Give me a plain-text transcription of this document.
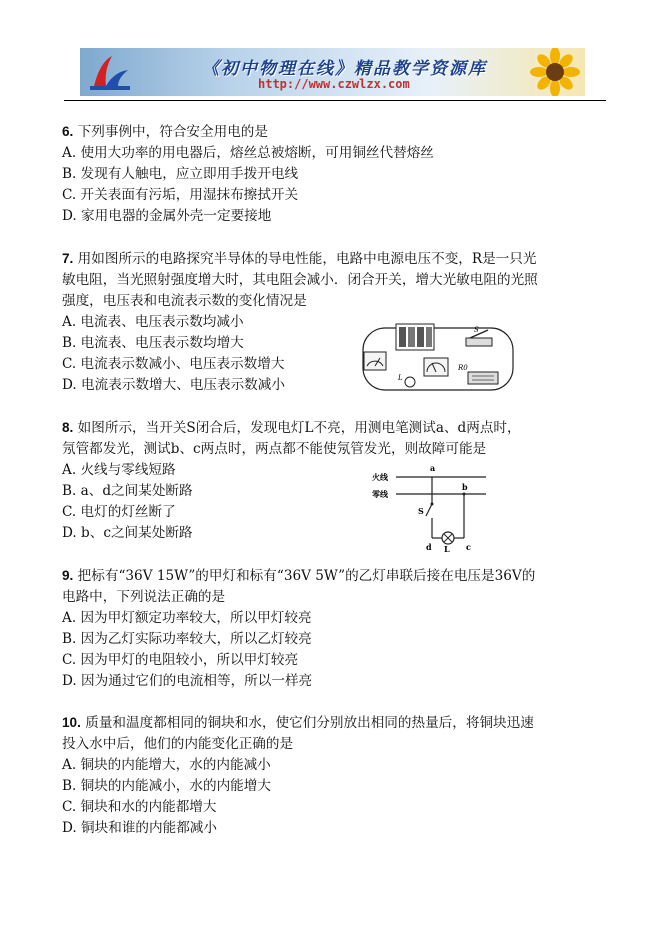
《初中物理在线》精品教学资源库
http://www.czwlzx.com

6. 下列事例中，符合安全用电的是

A. 使用大功率的用电器后，熔丝总被熔断，可用铜丝代替熔丝

B. 发现有人触电，应立即用手拨开电线

C. 开关表面有污垢，用湿抹布擦拭开关

D. 家用电器的金属外壳一定要接地

7. 用如图所示的电路探究半导体的导电性能，电路中电源电压不变，R是一只光

敏电阻，当光照射强度增大时，其电阻会减小．闭合开关，增大光敏电阻的光照

强度，电压表和电流表示数的变化情况是

A. 电流表、电压表示数均减小

B. 电流表、电压表示数均增大

C. 电流表示数减小、电压表示数增大

D. 电流表示数增大、电压表示数减小

S
L
R0

8. 如图所示，当开关S闭合后，发现电灯L不亮，用测电笔测试a、d两点时，

氖管都发光，测试b、c两点时，两点都不能使氖管发光，则故障可能是

A. 火线与零线短路

B. a、d之间某处断路

C. 电灯的灯丝断了

D. b、c之间某处断路

火线
零线
a
b
S
d L c

9. 把标有“36V 15W”的甲灯和标有“36V 5W”的乙灯串联后接在电压是36V的

电路中，下列说法正确的是

A. 因为甲灯额定功率较大，所以甲灯较亮

B. 因为乙灯实际功率较大，所以乙灯较亮

C. 因为甲灯的电阻较小，所以甲灯较亮

D. 因为通过它们的电流相等，所以一样亮

10. 质量和温度都相同的铜块和水，使它们分别放出相同的热量后，将铜块迅速

投入水中后，他们的内能变化正确的是

A. 铜块的内能增大，水的内能减小

B. 铜块的内能减小，水的内能增大

C. 铜块和水的内能都增大

D. 铜块和谁的内能都减小
